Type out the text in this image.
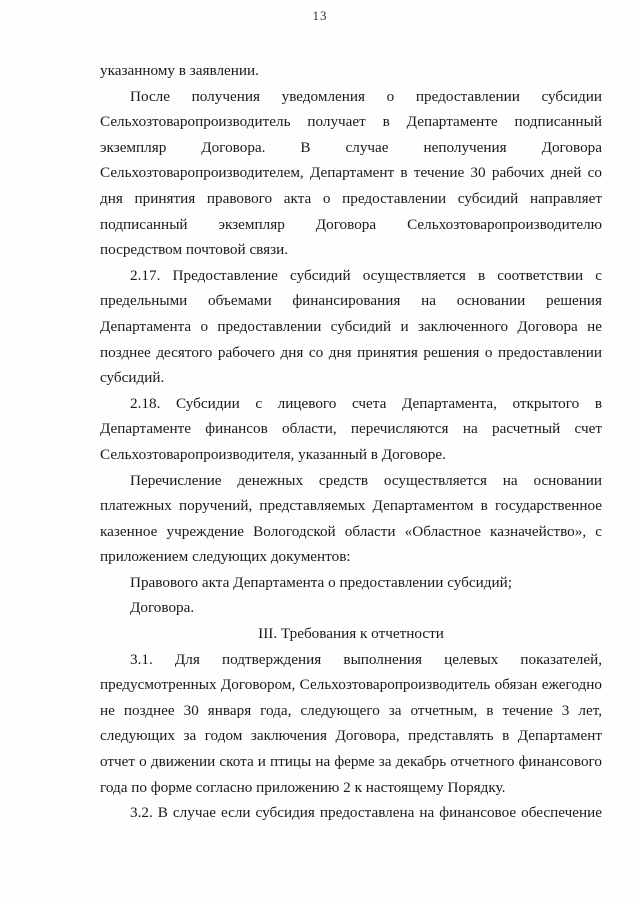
13

указанному в заявлении.

После получения уведомления о предоставлении субсидии

Сельхозтоваропроизводитель получает в Департаменте подписанный

экземпляр Договора. В случае неполучения Договора

Сельхозтоваропроизводителем, Департамент в течение 30 рабочих дней со

дня принятия правового акта о предоставлении субсидий направляет

подписанный экземпляр Договора Сельхозтоваропроизводителю

посредством почтовой связи.

2.17. Предоставление субсидий осуществляется в соответствии с

предельными объемами финансирования на основании решения

Департамента о предоставлении субсидий и заключенного Договора не

позднее десятого рабочего дня со дня принятия решения о предоставлении

субсидий.

2.18. Субсидии с лицевого счета Департамента, открытого в

Департаменте финансов области, перечисляются на расчетный счет

Сельхозтоваропроизводителя, указанный в Договоре.

Перечисление денежных средств осуществляется на основании

платежных поручений, представляемых Департаментом в государственное

казенное учреждение Вологодской области «Областное казначейство», с

приложением следующих документов:

Правового акта Департамента о предоставлении субсидий;

Договора.

III. Требования к отчетности

3.1. Для подтверждения выполнения целевых показателей,

предусмотренных Договором, Сельхозтоваропроизводитель обязан ежегодно

не позднее 30 января года, следующего за отчетным, в течение 3 лет,

следующих за годом заключения Договора, представлять в Департамент

отчет о движении скота и птицы на ферме за декабрь отчетного финансового

года по форме согласно приложению 2 к настоящему Порядку.

3.2. В случае если субсидия предоставлена на финансовое обеспечение
